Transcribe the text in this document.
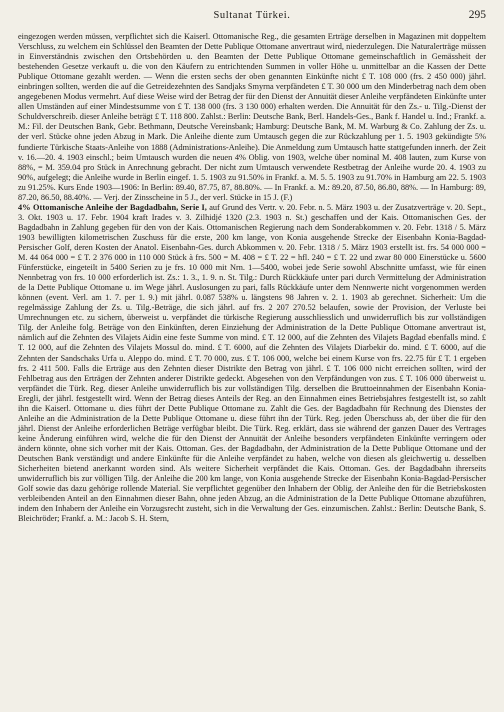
Sultanat Türkei.	295

eingezogen werden müssen, verpflichtet sich die Kaiserl. Ottomanische Reg., die gesamten Erträge derselben in Magazinen mit doppeltem Verschluss, zu welchem ein Schlüssel den Beamten der Dette Publique Ottomane anvertraut wird, niederzulegen. Die Naturalerträge müssen in Einverständnis zwischen den Ortsbehörden u. den Beamten der Dette Publique Ottomane gemeinschaftlich in Gemässheit der bestehenden Gesetze verkauft u. die von den Käufern zu entrichtenden Summen in voller Höhe u. unmittelbar an die Kassen der Dette Publique Ottomane gezahlt werden. — Wenn die ersten sechs der oben genannten Einkünfte nicht £ T. 108 000 (frs. 2 450 000) jährl. einbringen sollten, werden die auf die Getreidezehnten des Sandjaks Smyrna verpfändeten £ T. 30 000 um den Minderbetrag nach dem oben angegebenen Modus vermehrt. Auf diese Weise wird der Betrag der für den Dienst der Annuität dieser Anleihe verpfändeten Einkünfte unter allen Umständen auf einer Mindestsumme von £ T. 138 000 (frs. 3 130 000) erhalten werden. Die Annuität für den Zs.- u. Tilg.-Dienst der Schuldverschreib. dieser Anleihe beträgt £ T. 118 800. Zahlst.: Berlin: Deutsche Bank, Berl. Handels-Ges., Bank f. Handel u. Ind.; Frankf. a. M.: Fil. der Deutschen Bank, Gebr. Bethmann, Deutsche Vereinsbank; Hamburg: Deutsche Bank, M. M. Warburg & Co. Zahlung der Zs. u. der verl. Stücke ohne jeden Abzug in Mark. Die Anleihe diente zum Umtausch gegen die zur Rückzahlung per 1. 5. 1903 gekündigte 5% fundierte Türkische Staats-Anleihe von 1888 (Administrations-Anleihe). Die Anmeldung zum Umtausch hatte stattgefunden innerh. der Zeit v. 16.—20. 4. 1903 einschl.; beim Umtausch wurden die neuen 4% Oblig. von 1903, welche über nominal M. 408 lauten, zum Kurse von 88%, = M. 359.04 pro Stück in Anrechnung gebracht. Der nicht zum Umtausch verwendete Restbetrag der Anleihe wurde 20. 4. 1903 zu 90%, aufgelegt; die Anleihe wurde in Berlin eingef. 1. 5. 1903 zu 91.50% in Frankf. a. M. 5. 5. 1903 zu 91.70% in Hamburg am 22. 5. 1903 zu 91.25%. Kurs Ende 1903—1906: In Berlin: 89.40, 87.75, 87, 88.80%. — In Frankf. a. M.: 89.20, 87.50, 86.80, 88%. — In Hamburg: 89, 87.20, 86.50, 88.40%. — Verj. der Zinsscheine in 5 J., der verl. Stücke in 15 J. (F.)

4% Ottomanische Anleihe der Bagdadbahn, Serie I, auf Grund des Vertr. v. 20. Febr. n. 5. März 1903 u. der Zusatzverträge v. 20. Sept., 3. Okt. 1903 u. 17. Febr. 1904 kraft Irades v. 3. Zilhidjé 1320 (2.3. 1903 n. St.) geschaffen und der Kais. Ottomanischen Ges. der Bagdadbahn in Zahlung gegeben für den von der Kais. Ottomanischen Regierung nach dem Sonderabkommen v. 20. Febr. 1318 / 5. März 1903 bewilligten kilometrischen Zuschuss für die erste, 200 km lange, von Konia ausgehende Strecke der Eisenbahn Konia-Bagdad-Persischer Golf, deren Kosten der Anatol. Eisenbahn-Ges. durch Abkommen v. 20. Febr. 1318 / 5. März 1903 erstellt ist. frs. 54 000 000 = M. 44 064 000 = £ T. 2 376 000 in 110 000 Stück à frs. 500 = M. 408 = £ T. 22 = hfl. 240 = £ T. 22 und zwar 80 000 Einerstücke u. 5600 Fünferstücke, eingeteilt in 5400 Serien zu je frs. 10 000 mit Nrn. 1—5400, wobei jede Serie sowohl Abschnitte umfasst, wie für einen Nennbetrag von frs. 10 000 erforderlich ist. Zs.: 1. 3., 1. 9. n. St. Tilg.: Durch Rückkäufe unter pari durch Vermittelung der Administration de la Dette Publique Ottomane u. im Wege jährl. Auslosungen zu pari, falls Rückkäufe unter dem Nennwerte nicht vorgenommen werden können (event. Verl. am 1. 7. per 1. 9.) mit jährl. 0.087 538% u. längstens 98 Jahren v. 2. 1. 1903 ab gerechnet. Sicherheit: Um die regelmässige Zahlung der Zs. u. Tilg.-Beträge, die sich jährl. auf frs. 2 207 270.52 belaufen, sowie der Provision, der Verluste bei Umrechnungen etc. zu sichern, überweist u. verpfändet die türkische Regierung ausschliesslich und unwiderruflich bis zur vollständigen Tilg. der Anleihe folg. Beträge von den Einkünften, deren Einziehung der Administration de la Dette Publique Ottomane anvertraut ist, nämlich auf die Zehnten des Vilajets Aidin eine feste Summe von mind. £ T. 12 000, auf die Zehnten des Vilajets Bagdad ebenfalls mind. £ T. 12 000, auf die Zehnten des Vilajets Mossul do. mind. £ T. 6000, auf die Zehnten des Vilajets Diarbekir do. mind. £ T. 6000, auf die Zehnten der Sandschaks Urfa u. Aleppo do. mind. £ T. 70 000, zus. £ T. 106 000, welche bei einem Kurse von frs. 22.75 für £ T. 1 ergeben frs. 2 411 500. Falls die Erträge aus den Zehnten dieser Distrikte den Betrag von jährl. £ T. 106 000 nicht erreichen sollten, wird der Fehlbetrag aus den Erträgen der Zehnten anderer Distrikte gedeckt. Abgesehen von den Verpfändungen von zus. £ T. 106 000 überweist u. verpfändet die Türk. Reg. dieser Anleihe unwiderruflich bis zur vollständigen Tilg. derselben die Bruttoeinnahmen der Eisenbahn Konia-Eregli, der jährl. festgestellt wird. Wenn der Betrag dieses Anteils der Reg. an den Einnahmen eines Betriebsjahres festgestellt ist, so zahlt ihn die Kaiserl. Ottomane u. dies führt der Dette Publique Ottomane zu. Zahlt die Ges. der Bagdadbahn für Rechnung des Dienstes der Anleihe an die Administration de la Dette Publique Ottomane u. diese führt ihn der Türk. Reg. jeden Überschuss ab, der über die für den jährl. Dienst der Anleihe erforderlichen Beträge verfügbar bleibt. Die Türk. Reg. erklärt, dass sie während der ganzen Dauer des Vertrages keine Änderung einführen wird, welche die für den Dienst der Annuität der Anleihe besonders verpfändeten Einkünfte verringern oder ändern könnte, ohne sich vorher mit der Kais. Ottoman. Ges. der Bagdadbahn, der Administration de la Dette Publique Ottomane und der Deutschen Bank verständigt und andere Einkünfte für die Anleihe verpfändet zu haben, welche von diesen als gleichwertig u. desselben Sicherheiten bietend anerkannt worden sind. Als weitere Sicherheit verpfändet die Kais. Ottoman. Ges. der Bagdadbahn ihrerseits unwiderruflich bis zur völligen Tilg. der Anleihe die 200 km lange, von Konia ausgehende Strecke der Eisenbahn Konia-Bagdad-Persischer Golf sowie das dazu gehörige rollende Material. Sie verpflichtet gegenüber den Inhabern der Oblig. der Anleihe den für die Betriebskosten verbleibenden Anteil an den Einnahmen dieser Bahn, ohne jeden Abzug, an die Administration de la Dette Publique Ottomane abzuführen, indem den Inhabern der Anleihe ein Vorzugsrecht zusteht, sich in die Verwaltung der Ges. einzumischen. Zahlst.: Berlin: Deutsche Bank, S. Bleichröder; Frankf. a. M.: Jacob S. H. Stern,
